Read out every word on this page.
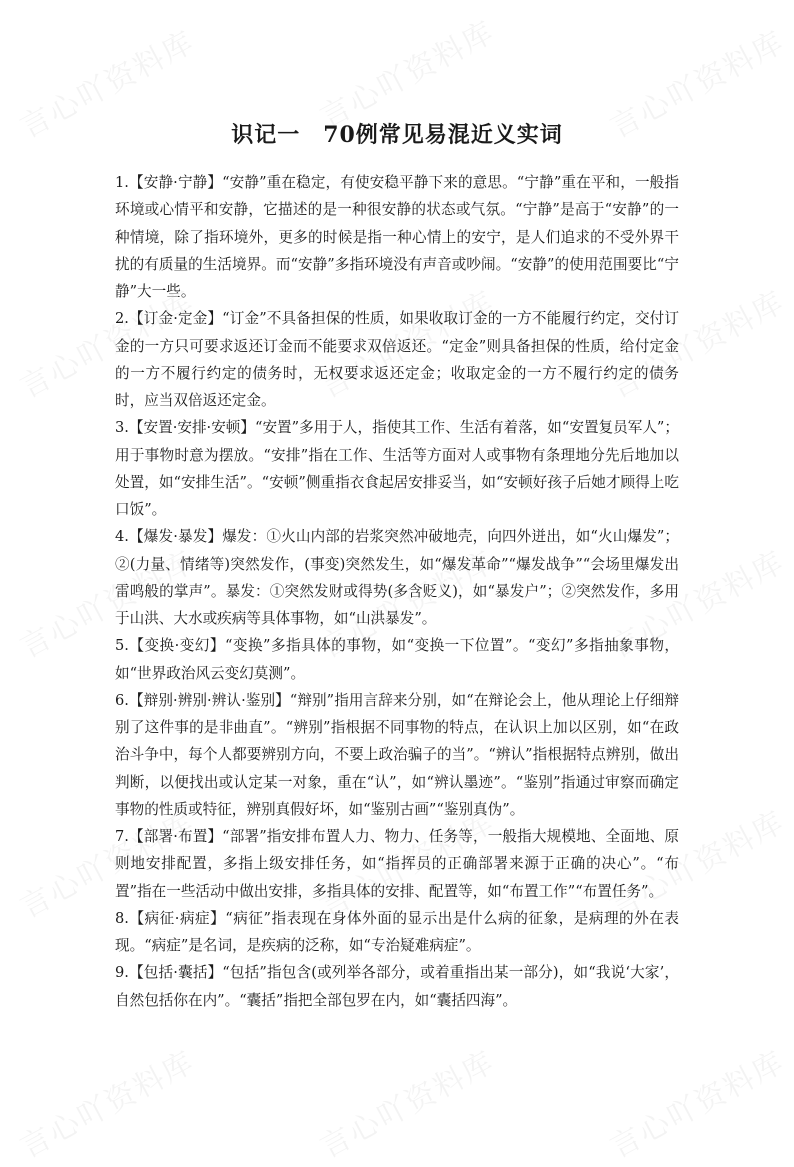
识记一　70例常见易混近义实词

1.【安静·宁静】“安静”重在稳定，有使安稳平静下来的意思。“宁静”重在平和，一般指环境或心情平和安静，它描述的是一种很安静的状态或气氛。“宁静”是高于“安静”的一种情境，除了指环境外，更多的时候是指一种心情上的安宁，是人们追求的不受外界干扰的有质量的生活境界。而“安静”多指环境没有声音或吵闹。“安静”的使用范围要比“宁静”大一些。

2.【订金·定金】“订金”不具备担保的性质，如果收取订金的一方不能履行约定，交付订金的一方只可要求返还订金而不能要求双倍返还。“定金”则具备担保的性质，给付定金的一方不履行约定的债务时，无权要求返还定金；收取定金的一方不履行约定的债务时，应当双倍返还定金。

3.【安置·安排·安顿】“安置”多用于人，指使其工作、生活有着落，如“安置复员军人”；用于事物时意为摆放。“安排”指在工作、生活等方面对人或事物有条理地分先后地加以处置，如“安排生活”。“安顿”侧重指衣食起居安排妥当，如“安顿好孩子后她才顾得上吃口饭”。

4.【爆发·暴发】爆发：①火山内部的岩浆突然冲破地壳，向四外迸出，如“火山爆发”；②(力量、情绪等)突然发作，(事变)突然发生，如“爆发革命”“爆发战争”“会场里爆发出雷鸣般的掌声”。暴发：①突然发财或得势(多含贬义)，如“暴发户”；②突然发作，多用于山洪、大水或疾病等具体事物，如“山洪暴发”。

5.【变换·变幻】“变换”多指具体的事物，如“变换一下位置”。“变幻”多指抽象事物，如“世界政治风云变幻莫测”。

6.【辩别·辨别·辨认·鉴别】“辩别”指用言辞来分别，如“在辩论会上，他从理论上仔细辩别了这件事的是非曲直”。“辨别”指根据不同事物的特点，在认识上加以区别，如“在政治斗争中，每个人都要辨别方向，不要上政治骗子的当”。“辨认”指根据特点辨别，做出判断，以便找出或认定某一对象，重在“认”，如“辨认墨迹”。“鉴别”指通过审察而确定事物的性质或特征，辨别真假好坏，如“鉴别古画”“鉴别真伪”。

7.【部署·布置】“部署”指安排布置人力、物力、任务等，一般指大规模地、全面地、原则地安排配置，多指上级安排任务，如“指挥员的正确部署来源于正确的决心”。“布置”指在一些活动中做出安排，多指具体的安排、配置等，如“布置工作”“布置任务”。

8.【病征·病症】“病征”指表现在身体外面的显示出是什么病的征象，是病理的外在表现。“病症”是名词，是疾病的泛称，如“专治疑难病症”。

9.【包括·囊括】“包括”指包含(或列举各部分，或着重指出某一部分)，如“我说‘大家’，自然包括你在内”。“囊括”指把全部包罗在内，如“囊括四海”。
